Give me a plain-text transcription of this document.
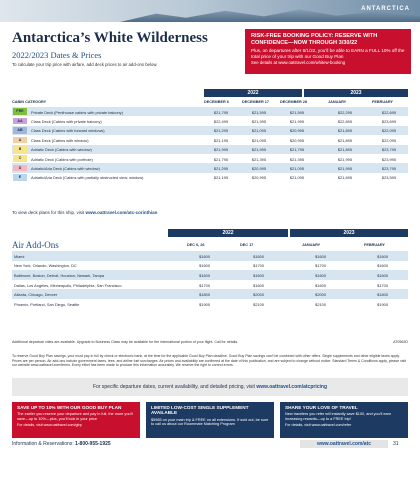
ANTARCTICA
Antarctica’s White Wilderness
2022/2023 Dates & Prices
To calculate your trip price with airfare, add deck prices to air add-ons below.
RISK-FREE BOOKING POLICY: RESERVE WITH CONFIDENCE—NOW THROUGH 3/30/22
Plus, on departures after 6/1/22, you’ll be able to EARN a FULL 10% off the total price of your trip with our Good Buy Plan
See details at www.oattravel.com/whitew-booking
2022	2023
CABIN CATEGORY	DECEMBER 6	DECEMBER 17	DECEMBER 28	JANUARY	FEBRUARY
PRE	Private Deck (Penthouse cabins with private balcony)	$21,795	$21,595	$21,595	$22,295	$22,695
AA	Class Deck (Cabins with private balcony)	$22,495	$21,995	$21,995	$22,895	$23,695
AB	Class Deck (Cabins with forward windows)	$21,295	$21,095	$20,995	$21,895	$22,095
A	Class Deck (Cabins with window)	$21,195	$21,095	$20,995	$21,895	$22,095
B	Adriatic Deck (Cabins with window)	$21,995	$21,995	$21,795	$21,895	$23,795
C	Adriatic Deck (Cabins with porthole)	$21,795	$21,395	$21,395	$21,995	$23,995
D	Adriatic/Aria Deck (Cabins with window)	$21,295	$20,995	$21,095	$21,995	$23,795
E	Adriatic/Aria Deck (Cabins with partially obstructed view; window)	$21,195	$20,995	$21,095	$21,695	$23,595
To view deck plans for this ship, visit www.oattravel.com/atc-corinthian
2022	2023
Air Add-Ons	DEC 6, 26	DEC 17	JANUARY	FEBRUARY
Miami	$1600	$1600	$1600	$1600
New York, Orlando, Washington, DC	$1600	$1700	$1700	$1600
Baltimore, Boston, Detroit, Houston, Newark, Tampa	$1600	$1600	$1600	$1600
Dallas, Los Angeles, Minneapolis, Philadelphia, San Francisco	$1700	$1600	$1600	$1700
Atlanta, Chicago, Denver	$1800	$2000	$2000	$1800
Phoenix, Portland, San Diego, Seattle	$1900	$2100	$2100	$1900
Additional departure cities are available. Upgrade to Business Class may be available for the international portion of your flight. Call for details.	AT0562D
To reserve Good Buy Plan savings, your must pay in full by check or electronic bank, at the time for the applicable Good Buy Plan deadline. Good Buy Plan savings can’t be combined with other offers. Single supplements and other eligible taxes apply. Prices are per person. Air add-ons include government taxes, fees, and airline fuel surcharges. Air prices and availability are confirmed at the date of this publication, and are subject to change without notice. Standard Terms & Conditions apply, please visit our website www.oattravel.com/terms. Every effort has been made to produce this information accurately. We reserve the right to correct errors.
For specific departure dates, current availability, and detailed pricing, visit www.oattravel.com/atcpricing
SAVE UP TO 10% WITH OUR GOOD BUY PLAN
The earlier you reserve your departure and pay in full, the more you’ll save—up to 10%—plus, you’ll lock in your price
For details, visit www.oattravel.com/gbp
LIMITED LOW-COST SINGLE SUPPLEMENT AVAILABLE
$5985 on your main trip & FREE on all extensions. If sold out, be sure to call us about our Roommate Matching Program
SHARE YOUR LOVE OF TRAVEL
New travelers you refer will instantly save $100, and you’ll earn increasing rewards—up to a FREE trip!
For details, visit www.oattravel.com/refer
Information & Reservations: 1-800-955-1925	www.oattravel.com/atc	31
